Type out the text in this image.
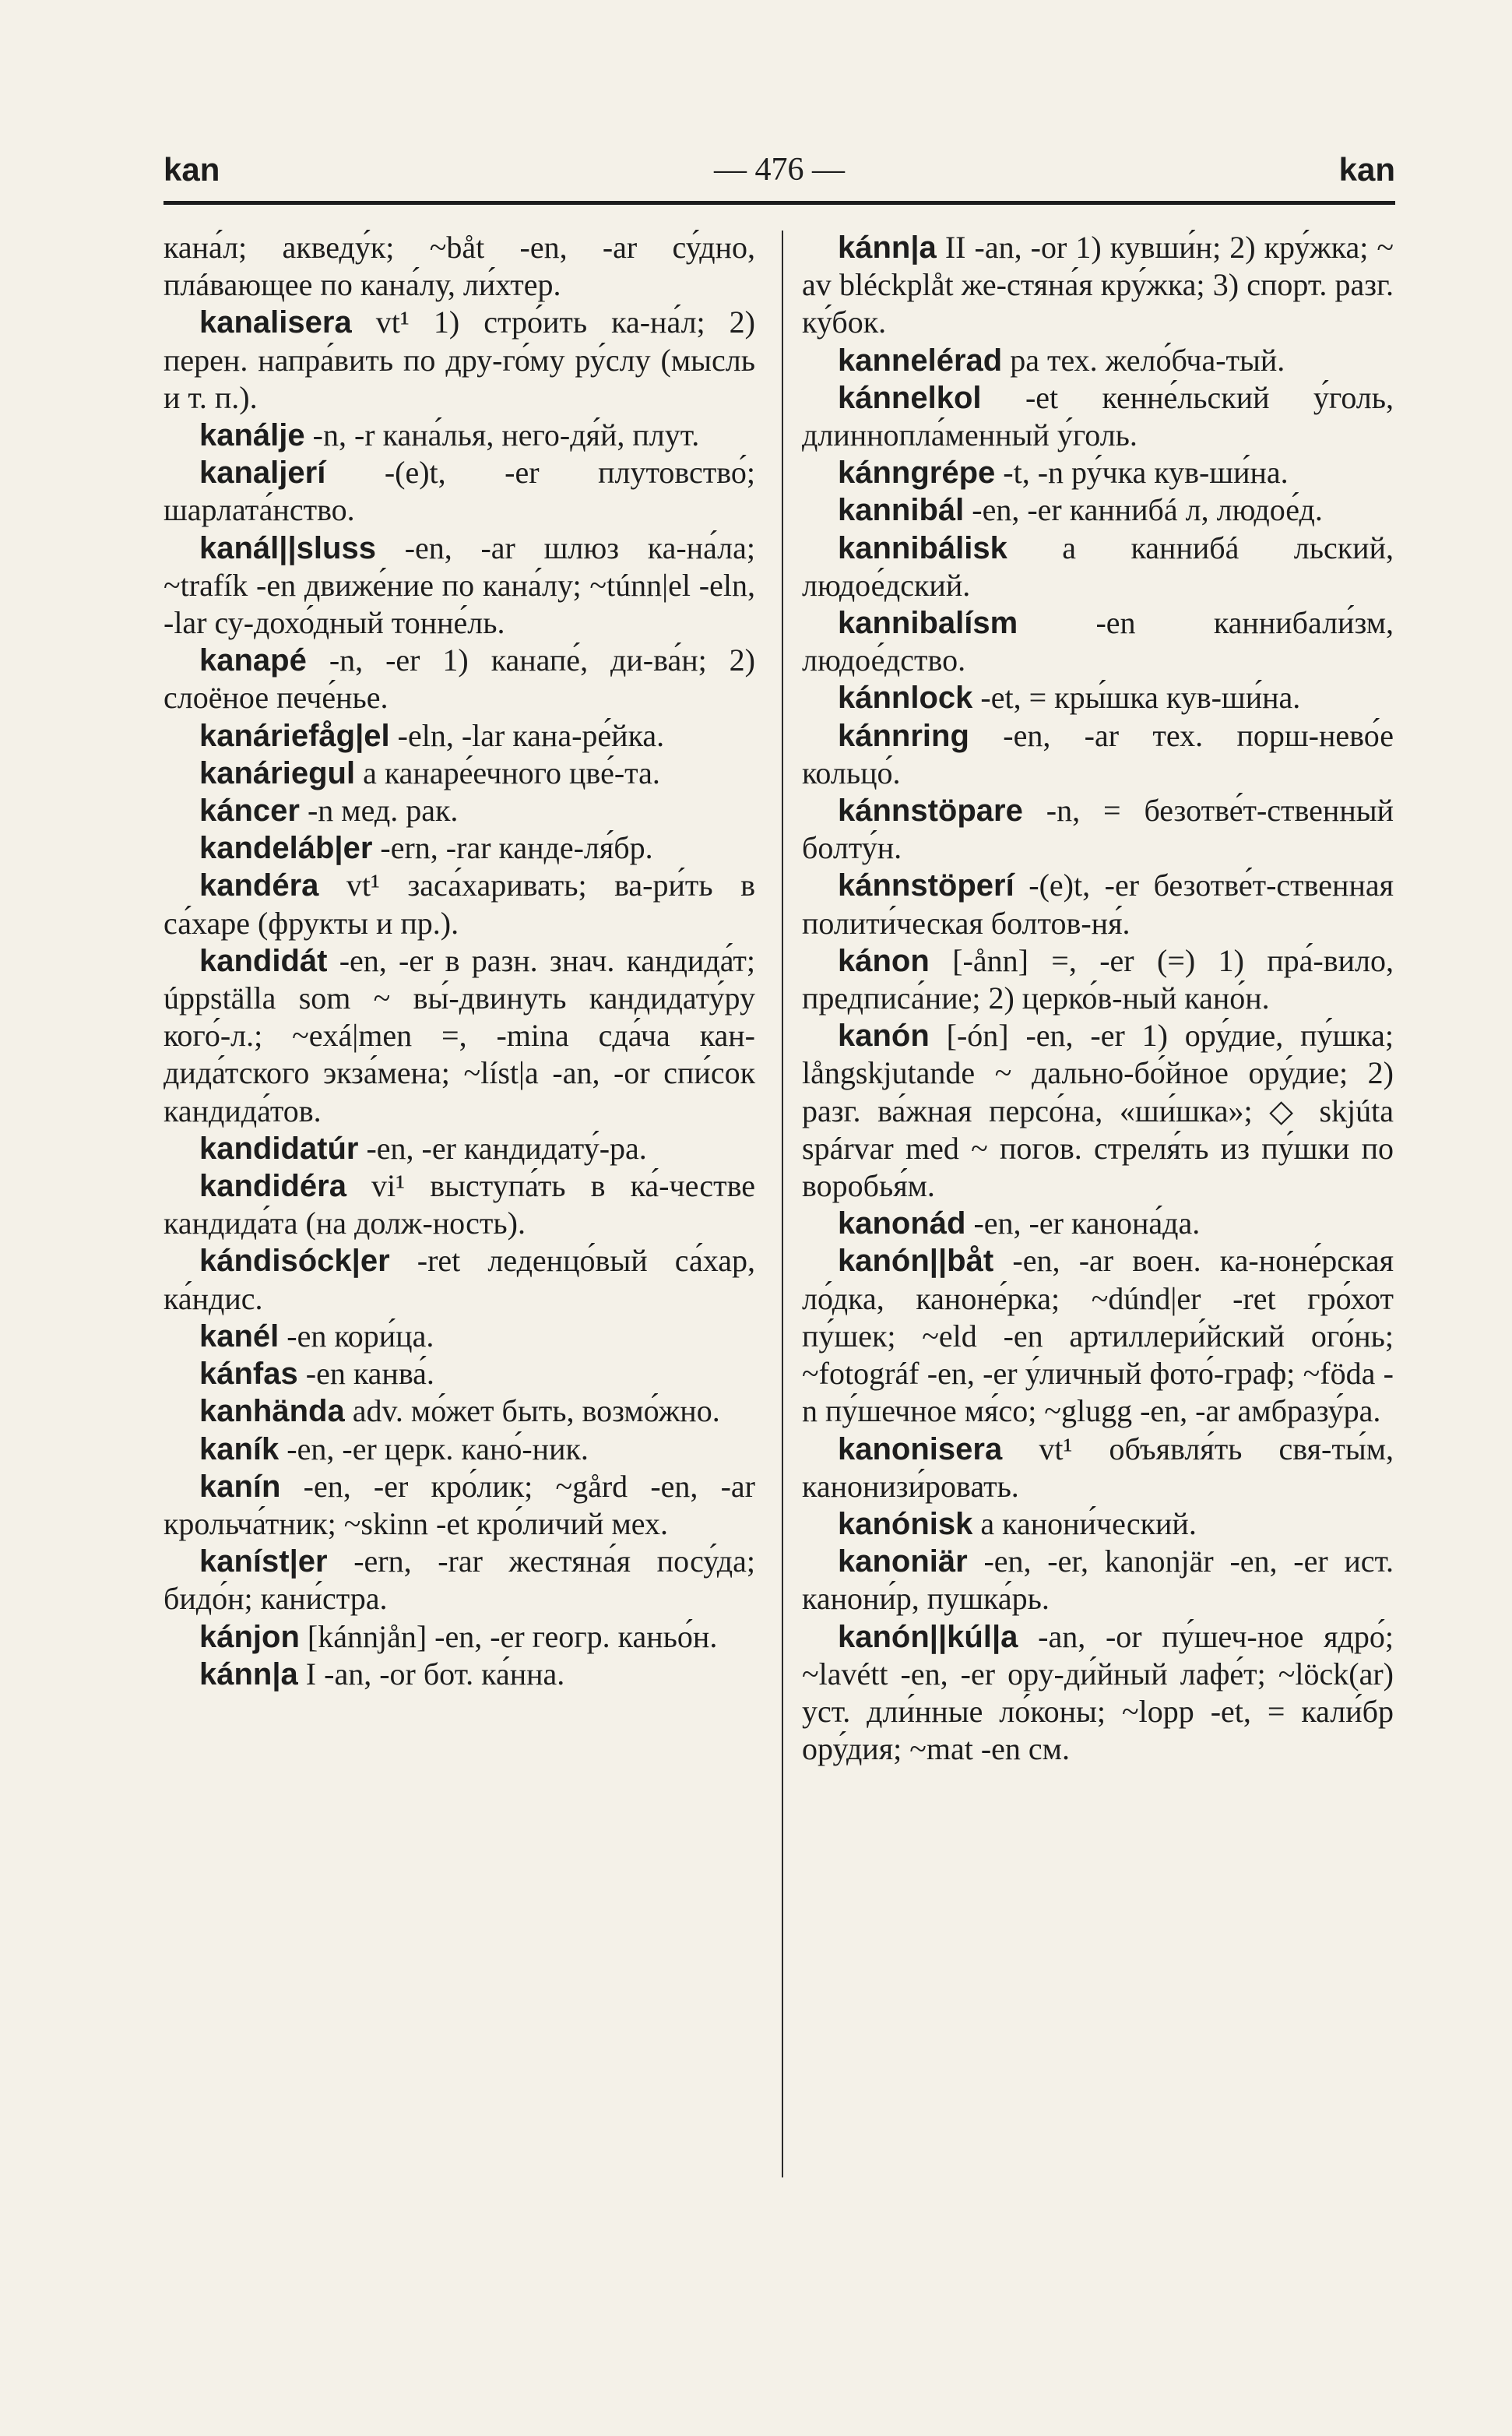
kan	— 476 —	kan

кана́л; акведу́к; ~båt -en, -ar су́дно, плáвающее по кана́лу, ли́хтер.

kanalisera vt¹ 1) стро́ить ка-на́л; 2) перен. напра́вить по дру-го́му ру́слу (мысль и т. п.).

kanálje -n, -r кана́лья, него-дя́й, плут.

kanaljerí -(e)t, -er плутовство́; шарлата́нство.

kanál||sluss -en, -ar шлюз ка-на́ла; ~trafík -en движе́ние по кана́лу; ~túnn|el -eln, -lar су-дохо́дный тонне́ль.

kanapé -n, -er 1) канапе́, ди-ва́н; 2) слоёное пече́нье.

kanáriefåg|el -eln, -lar кана-ре́йка.

kanáriegul a канаре́ечного цве́-та.

káncer -n мед. рак.

kandeláb|er -ern, -rar канде-ля́бр.

kandéra vt¹ заса́харивать; ва-ри́ть в са́харе (фрукты и пр.).

kandidát -en, -er в разн. знач. кандида́т; úppställa som ~ вы́-двинуть кандидату́ру кого́-л.; ~exá|men =, -mina сда́ча кан-дида́тского экза́мена; ~líst|a -an, -or спи́сок кандида́тов.

kandidatúr -en, -er кандидату́-ра.

kandidéra vi¹ выступа́ть в ка́-честве кандида́та (на долж-ность).

kándisóck|er -ret леденцо́вый са́хар, ка́ндис.

kanél -en кори́ца.

kánfas -en канва́.

kanhända adv. мо́жет быть, возмо́жно.

kaník -en, -er церк. кано́-ник.

kanín -en, -er кро́лик; ~gård -en, -ar крольча́тник; ~skinn -et кро́личий мех.

kaníst|er -ern, -rar жестяна́я посу́да; бидо́н; кани́стра.

kánjon [kánnjån] -en, -er геогр. каньо́н.

kánn|a I -an, -or бот. ка́нна.

kánn|a II -an, -or 1) кувши́н; 2) кру́жка; ~ av bléckplåt же-стяна́я кру́жка; 3) спорт. разг. ку́бок.

kannelérad pa тех. жело́бча-тый.

kánnelkol -et кенне́льский у́голь, длиннопла́менный у́голь.

kánngrépe -t, -n ру́чка кув-ши́на.

kannibál -en, -er каннибá л, людое́д.

kannibálisk a каннибá льский, людое́дский.

kannibalísm	-en каннибали́зм, людое́дство.

kánnlock -et, = кры́шка кув-ши́на.

kánnring -en, -ar тех. порш-нево́е кольцо́.

kánnstöpare -n, = безотве́т-ственный болту́н.

kánnstöperí -(e)t, -er безотве́т-ственная полити́ческая болтов-ня́.

kánon [-ånn] =, -er (=) 1) пра́-вило, предписа́ние; 2) церко́в-ный кано́н.

kanón [-ón] -en, -er 1) ору́дие, пу́шка; långskjutande ~ дально-бо́йное ору́дие; 2) разг. ва́жная персо́на, «ши́шка»; ◇ skjúta spárvar med ~ погов. стреля́ть из пу́шки по воробья́м.

kanonád -en, -er канона́да.

kanón||båt -en, -ar воен. ка-ноне́рская ло́дка, каноне́рка; ~dúnd|er -ret гро́хот пу́шек; ~eld -en артиллери́йский ого́нь; ~fotográf -en, -er у́личный фото́-граф; ~föda -n пу́шечное мя́со; ~glugg -en, -ar амбразу́ра.

kanonisera vt¹ объявля́ть свя-ты́м, канонизи́ровать.

kanónisk a канони́ческий.

kanoniär -en, -er, kanonjär -en, -er ист. канони́р, пушка́рь.

kanón||kúl|a -an, -or пу́шеч-ное ядро́; ~lavétt -en, -er ору-ди́йный лафе́т; ~löck(ar) уст. дли́нные ло́коны; ~lopp -et, = кали́бр ору́дия; ~mat -en см.
